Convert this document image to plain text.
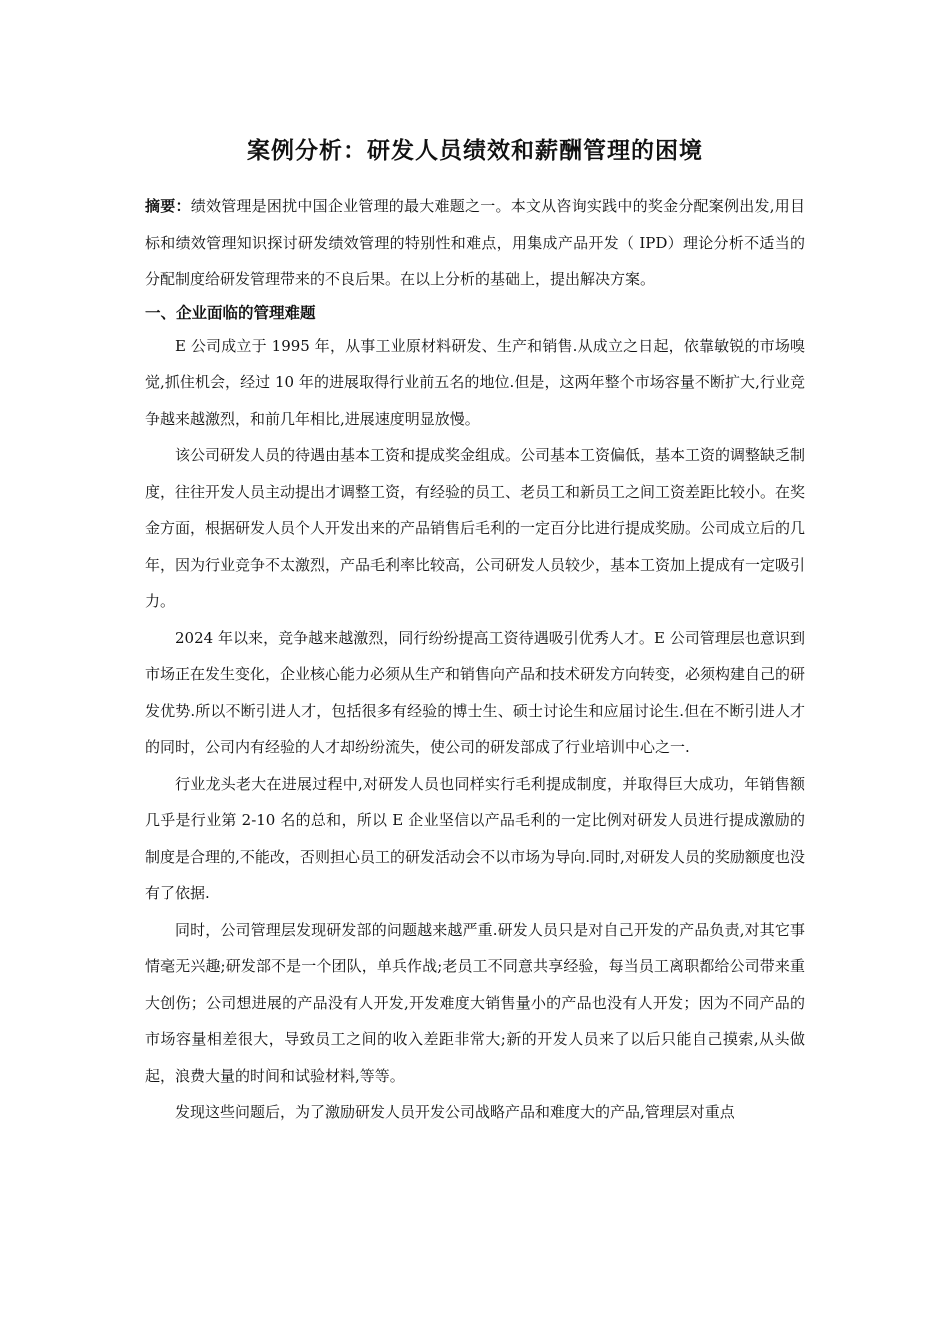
案例分析：研发人员绩效和薪酬管理的困境

摘要：绩效管理是困扰中国企业管理的最大难题之一。本文从咨询实践中的奖金分配案例出发,用目标和绩效管理知识探讨研发绩效管理的特别性和难点，用集成产品开发（ IPD）理论分析不适当的分配制度给研发管理带来的不良后果。在以上分析的基础上，提出解决方案。

一、企业面临的管理难题

E 公司成立于 1995 年，从事工业原材料研发、生产和销售.从成立之日起，依靠敏锐的市场嗅觉,抓住机会，经过 10 年的进展取得行业前五名的地位.但是，这两年整个市场容量不断扩大,行业竞争越来越激烈，和前几年相比,进展速度明显放慢。

该公司研发人员的待遇由基本工资和提成奖金组成。公司基本工资偏低，基本工资的调整缺乏制度，往往开发人员主动提出才调整工资，有经验的员工、老员工和新员工之间工资差距比较小。在奖金方面，根据研发人员个人开发出来的产品销售后毛利的一定百分比进行提成奖励。公司成立后的几年，因为行业竞争不太激烈，产品毛利率比较高，公司研发人员较少，基本工资加上提成有一定吸引力。

2024 年以来，竞争越来越激烈，同行纷纷提高工资待遇吸引优秀人才。E 公司管理层也意识到市场正在发生变化，企业核心能力必须从生产和销售向产品和技术研发方向转变，必须构建自己的研发优势.所以不断引进人才，包括很多有经验的博士生、硕士讨论生和应届讨论生.但在不断引进人才的同时，公司内有经验的人才却纷纷流失，使公司的研发部成了行业培训中心之一.

行业龙头老大在进展过程中,对研发人员也同样实行毛利提成制度，并取得巨大成功，年销售额几乎是行业第 2-10 名的总和，所以 E 企业坚信以产品毛利的一定比例对研发人员进行提成激励的制度是合理的,不能改，否则担心员工的研发活动会不以市场为导向.同时,对研发人员的奖励额度也没有了依据.

同时，公司管理层发现研发部的问题越来越严重.研发人员只是对自己开发的产品负责,对其它事情毫无兴趣;研发部不是一个团队，单兵作战;老员工不同意共享经验，每当员工离职都给公司带来重大创伤；公司想进展的产品没有人开发,开发难度大销售量小的产品也没有人开发；因为不同产品的市场容量相差很大，导致员工之间的收入差距非常大;新的开发人员来了以后只能自己摸索,从头做起，浪费大量的时间和试验材料,等等。

发现这些问题后，为了激励研发人员开发公司战略产品和难度大的产品,管理层对重点
